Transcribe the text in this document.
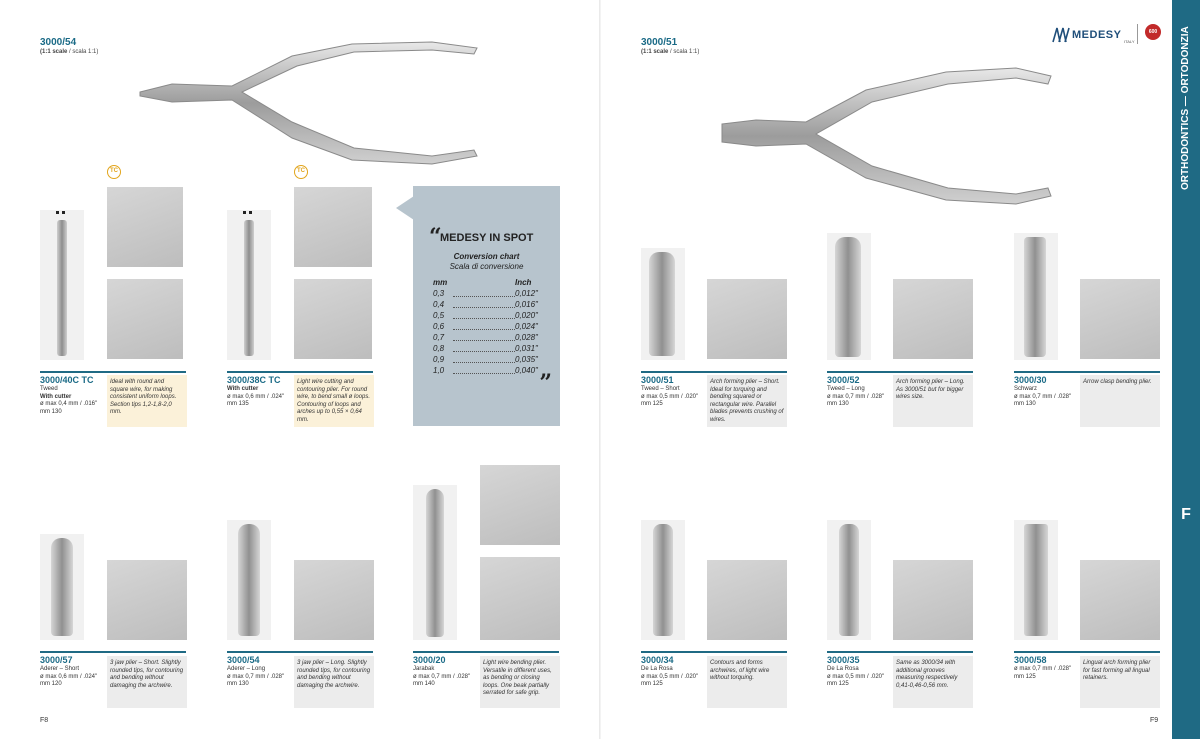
3000/54
(1:1 scale / scala 1:1)
3000/51
(1:1 scale / scala 1:1)
MEDESY
ITALY
600	ORTHODONTICS — ORTODONZIA
F
TC
3000/40C TC
Tweed
With cutter
ø max 0,4 mm / .016"
mm 130
Ideal with round and square wire, for making consistent uniform loops. Section tips 1,2-1,8-2,0 mm.
TC
3000/38C TC
With cutter
ø max 0,6 mm / .024"
mm 135
Light wire cutting and contouring plier. For round wire, to bend small ø loops. Contouring of loops and arches up to 0,55 × 0,64 mm.
“
MEDESY IN SPOT
Conversion chart
Scala di conversione
mm	Inch
0,3	0,012"
0,4	0,016"
0,5	0,020"
0,6	0,024"
0,7	0,028"
0,8	0,031"
0,9	0,035"
1,0	0,040" ”	3000/51
Tweed – Short
ø max 0,5 mm / .020"
mm 125
Arch forming plier – Short. Ideal for torquing and bending squared or rectangular wire. Parallel blades prevents crushing of wires.
3000/52
Tweed – Long
ø max 0,7 mm / .028"
mm 130
Arch forming plier – Long. As 3000/51 but for bigger wires size.
3000/30
Schwarz
ø max 0,7 mm / .028"
mm 130
Arrow clasp bending plier.
3000/57
Aderer – Short
ø max 0,6 mm / .024"
mm 120
3 jaw plier – Short. Slightly rounded tips, for contouring and bending without damaging the archwire.
3000/54
Aderer – Long
ø max 0,7 mm / .028"
mm 130
3 jaw plier – Long. Slightly rounded tips, for contouring and bending without damaging the archwire.
3000/20
Jarabak
ø max 0,7 mm / .028"
mm 140
Light wire bending plier. Versatile in different uses, as bending or closing loops. One beak partially serrated for safe grip.
3000/34
De La Rosa
ø max 0,5 mm / .020"
mm 125
Contours and forms archwires, of light wire without torquing.
3000/35
De La Rosa
ø max 0,5 mm / .020"
mm 125
Same as 3000/34 with additional grooves measuring respectively 0,41-0,46-0,56 mm.
3000/58
ø max 0,7 mm / .028"
mm 125
Lingual arch forming plier for fast forming all lingual retainers.
F8	F9
